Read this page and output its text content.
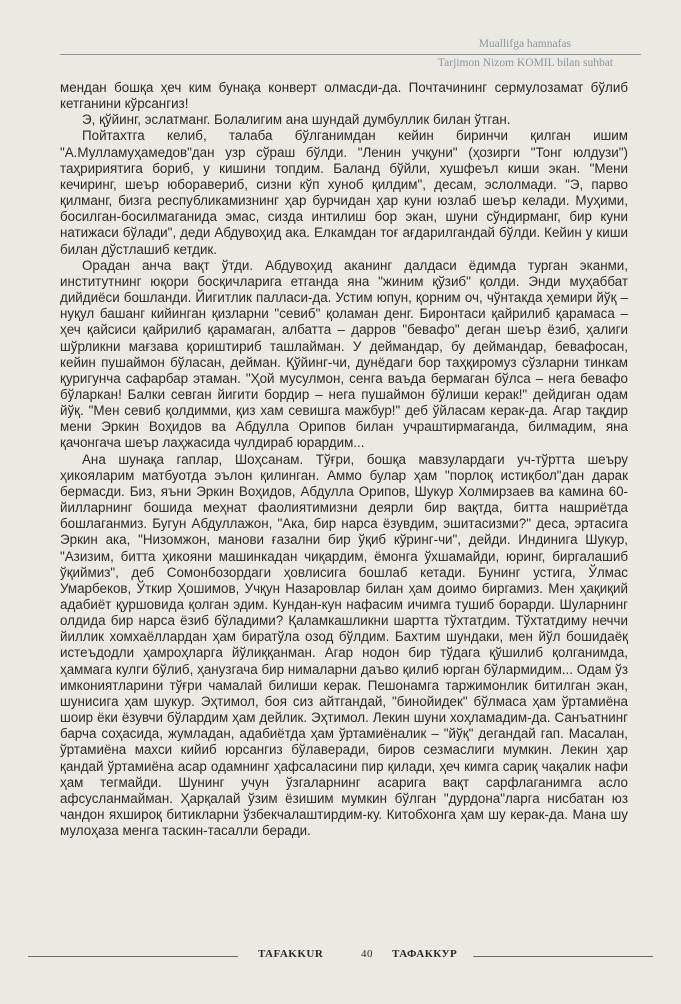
Muallifga hamnafas
Tarjimon Nizom KOMIL bilan suhbat

мендан бошқа ҳеч ким бунақа конверт олмасди-да. Почтачининг сермулозамат бўлиб кетганини кўрсангиз!

Э, қўйинг, эслатманг. Болалигим ана шундай думбуллик билан ўтган.

Пойтахтга келиб, талаба бўлганимдан кейин биринчи қилган ишим "А.Мулламуҳамедов"дан узр сўраш бўлди. "Ленин учқуни" (ҳозирги "Тонг юлдузи") таҳририятига бориб, у кишини топдим. Баланд бўйли, хушфеъл киши экан. "Мени кечиринг, шеър юборавериб, сизни кўп хуноб қилдим", десам, эслолмади. "Э, парво қилманг, бизга республикамизнинг ҳар бурчидан ҳар куни юзлаб шеър келади. Муҳими, босилган-босилмаганида эмас, сизда интилиш бор экан, шуни сўндирманг, бир куни натижаси бўлади", деди Абдувоҳид ака. Елкамдан тоғ ағдарилгандай бўлди. Кейин у киши билан дўстлашиб кетдик.

Орадан анча вақт ўтди. Абдувоҳид аканинг далдаси ёдимда турган эканми, институтнинг юқори босқичларига етганда яна "жиним қўзиб" қолди. Энди муҳаббат дийдиёси бошланди. Йигитлик палласи-да. Устим юпун, қорним оч, чўнтакда ҳемири йўқ – нуқул башанг кийинган қизларни "севиб" қоламан денг. Биронтаси қайрилиб қарамаса – ҳеч қайсиси қайрилиб қарамаган, албатта – дарров "бевафо" деган шеър ёзиб, ҳалиги шўрликни мағзава қориштириб ташлайман. У деймандар, бу деймандар, бевафосан, кейин пушаймон бўласан, дейман. Қўйинг-чи, дунёдаги бор таҳқиромуз сўзларни тинкам қуригунча сафарбар этаман. "Ҳой мусулмон, сенга ваъда бермаган бўлса – нега бевафо бўларкан! Балки севган йигити бордир – нега пушаймон бўлиши керак!" дейдиган одам йўқ. "Мен севиб қолдимми, қиз хам севишга мажбур!" деб ўйласам керак-да. Агар тақдир мени Эркин Воҳидов ва Абдулла Орипов билан учраштирмаганда, билмадим, яна қачонгача шеър лаҳжасида чулдираб юрардим...

Ана шунақа гаплар, Шоҳсанам. Тўғри, бошқа мавзулардаги уч-тўртта шеъру ҳикояларим матбуотда эълон қилинган. Аммо булар ҳам "порлоқ истиқбол"дан дарак бермасди. Биз, яъни Эркин Воҳидов, Абдулла Орипов, Шукур Холмирзаев ва камина 60-йилларнинг бошида меҳнат фаолиятимизни деярли бир вақтда, битта нашриётда бошлаганмиз. Бугун Абдуллажон, "Ака, бир нарса ёзувдим, эшитасизми?" деса, эртасига Эркин ака, "Низомжон, манови ғазални бир ўқиб кўринг-чи", дейди. Индинига Шукур, "Азизим, битта ҳикояни машинкадан чиқардим, ёмонга ўхшамайди, юринг, биргалашиб ўқиймиз", деб Сомонбозордаги ҳовлисига бошлаб кетади. Бунинг устига, Ўлмас Умарбеков, Ўткир Ҳошимов, Учқун Назаровлар билан ҳам доимо биргамиз. Мен ҳақиқий адабиёт қуршовида қолган эдим. Кундан-кун нафасим ичимга тушиб борарди. Шуларнинг олдида бир нарса ёзиб бўладими? Қаламкашликни шартта тўхтатдим. Тўхтатдиму неччи йиллик хомхаёллардан ҳам биратўла озод бўлдим. Бахтим шундаки, мен йўл бошидаёқ истеъдодли ҳамроҳларга йўлиққанман. Агар нодон бир тўдага қўшилиб қолганимда, ҳаммага кулги бўлиб, ҳанузгача бир нималарни даъво қилиб юрган бўлармидим... Одам ўз имкониятларини тўғри чамалай билиши керак. Пешонамга таржимонлик битилган экан, шунисига ҳам шукур. Эҳтимол, боя сиз айтгандай, "бинойидек" бўлмаса ҳам ўртамиёна шоир ёки ёзувчи бўлардим ҳам дейлик. Эҳтимол. Лекин шуни хоҳламадим-да. Санъатнинг барча соҳасида, жумладан, адабиётда ҳам ўртамиёналик – "йўқ" дегандай гап. Масалан, ўртамиёна махси кийиб юрсангиз бўлаверади, биров сезмаслиги мумкин. Лекин ҳар қандай ўртамиёна асар одамнинг ҳафсаласини пир қилади, ҳеч кимга сариқ чақалик нафи ҳам тегмайди. Шунинг учун ўзгаларнинг асарига вақт сарфлаганимга асло афсусланмайман. Ҳарқалай ўзим ёзишим мумкин бўлган "дурдона"ларга нисбатан юз чандон яхшироқ битикларни ўзбекчалаштирдим-ку. Китобхонга ҳам шу керак-да. Мана шу мулоҳаза менга таскин-тасалли беради.

TAFAKKUR	40 ТАФАККУР
